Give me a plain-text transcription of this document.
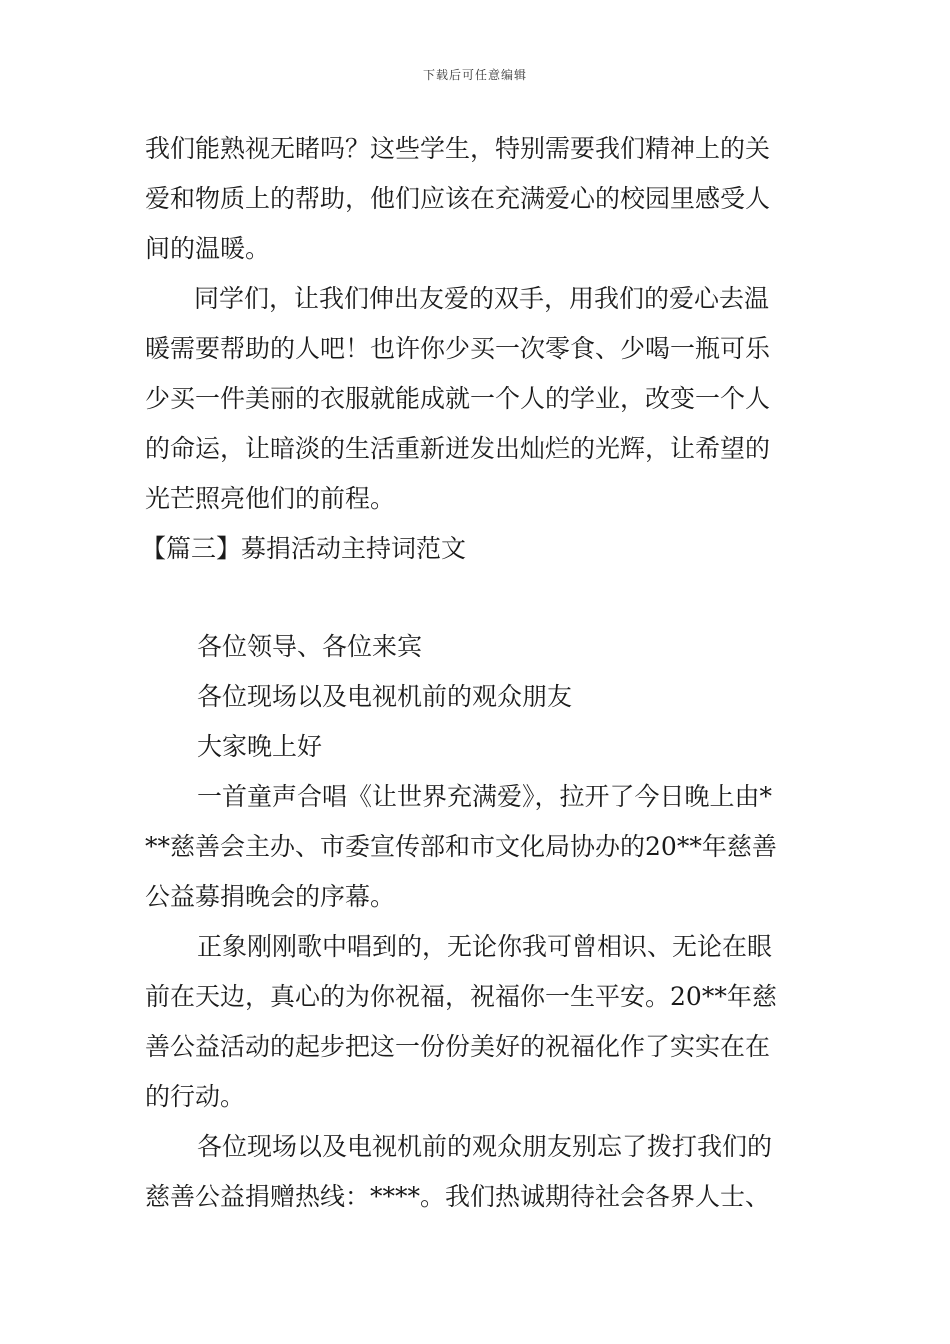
下载后可任意编辑
我们能熟视无睹吗？这些学生，特别需要我们精神上的关
爱和物质上的帮助，他们应该在充满爱心的校园里感受人
间的温暖。
同学们，让我们伸出友爱的双手，用我们的爱心去温
暖需要帮助的人吧！也许你少买一次零食、少喝一瓶可乐
少买一件美丽的衣服就能成就一个人的学业，改变一个人
的命运，让暗淡的生活重新迸发出灿烂的光辉，让希望的
光芒照亮他们的前程。
【篇三】募捐活动主持词范文
各位领导、各位来宾
各位现场以及电视机前的观众朋友
大家晚上好
一首童声合唱《让世界充满爱》，拉开了今日晚上由*
**慈善会主办、市委宣传部和市文化局协办的20**年慈善
公益募捐晚会的序幕。
正象刚刚歌中唱到的，无论你我可曾相识、无论在眼
前在天边，真心的为你祝福，祝福你一生平安。20**年慈
善公益活动的起步把这一份份美好的祝福化作了实实在在
的行动。
各位现场以及电视机前的观众朋友别忘了拨打我们的
慈善公益捐赠热线：****。我们热诚期待社会各界人士、
